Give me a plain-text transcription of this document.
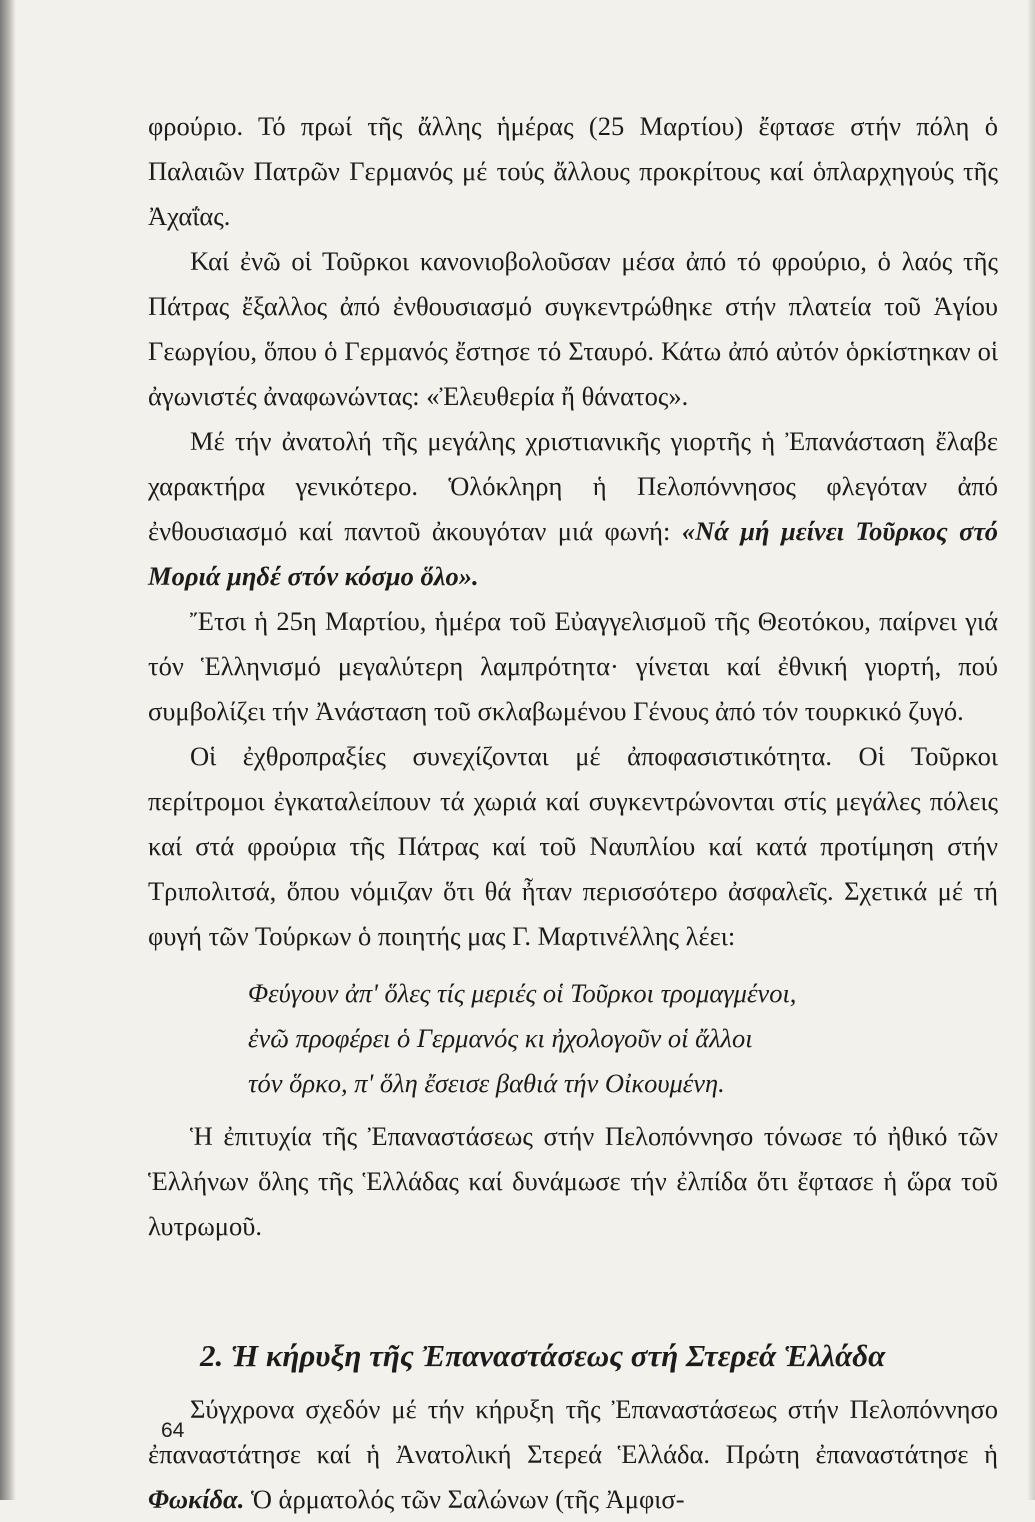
φρούριο. Τό πρωί τῆς ἄλλης ἡμέρας (25 Μαρτίου) ἔφτασε στήν πόλη ὁ Παλαιῶν Πατρῶν Γερμανός μέ τούς ἄλλους προκρίτους καί ὁπλαρχηγούς τῆς Ἀχαΐας.

Καί ἐνῶ οἱ Τοῦρκοι κανονιοβολοῦσαν μέσα ἀπό τό φρούριο, ὁ λαός τῆς Πάτρας ἔξαλλος ἀπό ἐνθουσιασμό συγκεντρώθηκε στήν πλατεία τοῦ Ἁγίου Γεωργίου, ὅπου ὁ Γερμανός ἔστησε τό Σταυρό. Κάτω ἀπό αὐτόν ὁρκίστηκαν οἱ ἀγωνιστές ἀναφωνώντας: «Ἐλευθερία ἤ θάνατος».

Μέ τήν ἀνατολή τῆς μεγάλης χριστιανικῆς γιορτῆς ἡ Ἐπανάσταση ἔλαβε χαρακτήρα γενικότερο. Ὁλόκληρη ἡ Πελοπόννησος φλεγόταν ἀπό ἐνθουσιασμό καί παντοῦ ἀκουγόταν μιά φωνή: «Νά μή μείνει Τοῦρκος στό Μοριά μηδέ στόν κόσμο ὅλο».

Ἔτσι ἡ 25η Μαρτίου, ἡμέρα τοῦ Εὐαγγελισμοῦ τῆς Θεοτόκου, παίρνει γιά τόν Ἑλληνισμό μεγαλύτερη λαμπρότητα· γίνεται καί ἐθνική γιορτή, πού συμβολίζει τήν Ἀνάσταση τοῦ σκλαβωμένου Γένους ἀπό τόν τουρκικό ζυγό.

Οἱ ἐχθροπραξίες συνεχίζονται μέ ἀποφασιστικότητα. Οἱ Τοῦρκοι περίτρομοι ἐγκαταλείπουν τά χωριά καί συγκεντρώνονται στίς μεγάλες πόλεις καί στά φρούρια τῆς Πάτρας καί τοῦ Ναυπλίου καί κατά προτίμηση στήν Τριπολιτσά, ὅπου νόμιζαν ὅτι θά ἦταν περισσότερο ἀσφαλεῖς. Σχετικά μέ τή φυγή τῶν Τούρκων ὁ ποιητής μας Γ. Μαρτινέλλης λέει:

Φεύγουν ἀπ' ὅλες τίς μεριές οἱ Τοῦρκοι τρομαγμένοι,
ἐνῶ προφέρει ὁ Γερμανός κι ἠχολογοῦν οἱ ἄλλοι
τόν ὅρκο, π' ὅλη ἔσεισε βαθιά τήν Οἰκουμένη.

Ἡ ἐπιτυχία τῆς Ἐπαναστάσεως στήν Πελοπόννησο τόνωσε τό ἠθικό τῶν Ἑλλήνων ὅλης τῆς Ἑλλάδας καί δυνάμωσε τήν ἐλπίδα ὅτι ἔφτασε ἡ ὥρα τοῦ λυτρωμοῦ.

2. Ἡ κήρυξη τῆς Ἐπαναστάσεως στή Στερεά Ἑλλάδα

Σύγχρονα σχεδόν μέ τήν κήρυξη τῆς Ἐπαναστάσεως στήν Πελοπόννησο ἐπαναστάτησε καί ἡ Ἀνατολική Στερεά Ἑλλάδα. Πρώτη ἐπαναστάτησε ἡ Φωκίδα. Ὁ ἁρματολός τῶν Σαλώνων (τῆς Ἀμφισ-

64
